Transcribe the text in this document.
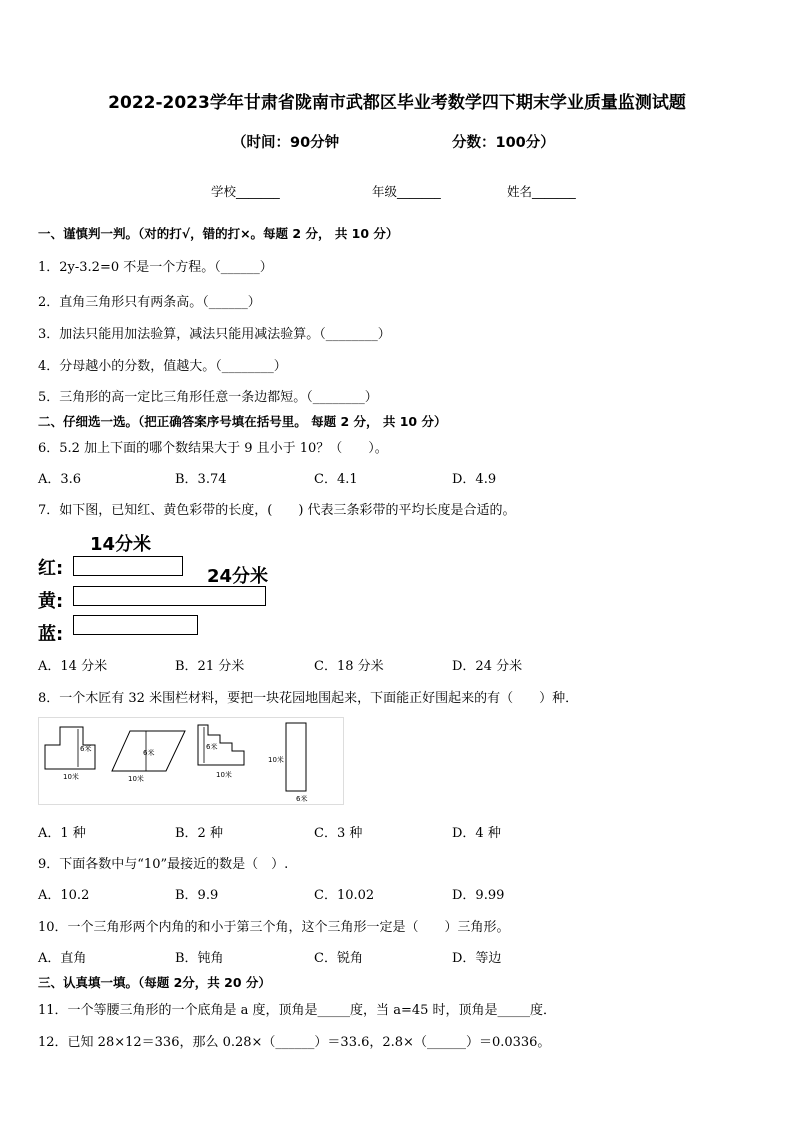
2022-2023学年甘肃省陇南市武都区毕业考数学四下期末学业质量监测试题
（时间：90分钟	分数：100分）
学校_______	年级_______	姓名_______
一、谨慎判一判。（对的打√，错的打×。每题 2 分， 共 10 分）
1．2y-3.2=0 不是一个方程。（______）
2．直角三角形只有两条高。（______）
3．加法只能用加法验算，减法只能用减法验算。（________）
4．分母越小的分数，值越大。（________）
5．三角形的高一定比三角形任意一条边都短。（________）
二、仔细选一选。（把正确答案序号填在括号里。 每题 2 分， 共 10 分）
6．5.2 加上下面的哪个数结果大于 9 且小于 10？（　　）。
A．3.6	B．3.74	C．4.1	D．4.9
7．如下图，已知红、黄色彩带的长度，(　　) 代表三条彩带的平均长度是合适的。
14分米
24分米
红:
黄:
蓝:
A．14 分米	B．21 分米	C．18 分米	D．24 分米
8．一个木匠有 32 米围栏材料，要把一块花园地围起来，下面能正好围起来的有（　　）种．
6米
10米
6米
10米
6米
10米
10米
6米
A．1 种	B．2 种	C．3 种	D．4 种
9．下面各数中与“10”最接近的数是（　）.
A．10.2	B．9.9	C．10.02	D．9.99
10．一个三角形两个内角的和小于第三个角，这个三角形一定是（　　）三角形。
A．直角	B．钝角	C．锐角	D．等边
三、认真填一填。（每题 2分，共 20 分）
11．一个等腰三角形的一个底角是 a 度，顶角是_____度，当 a=45 时，顶角是_____度．
12．已知 28×12＝336，那么 0.28×（______）＝33.6，2.8×（______）＝0.0336。
